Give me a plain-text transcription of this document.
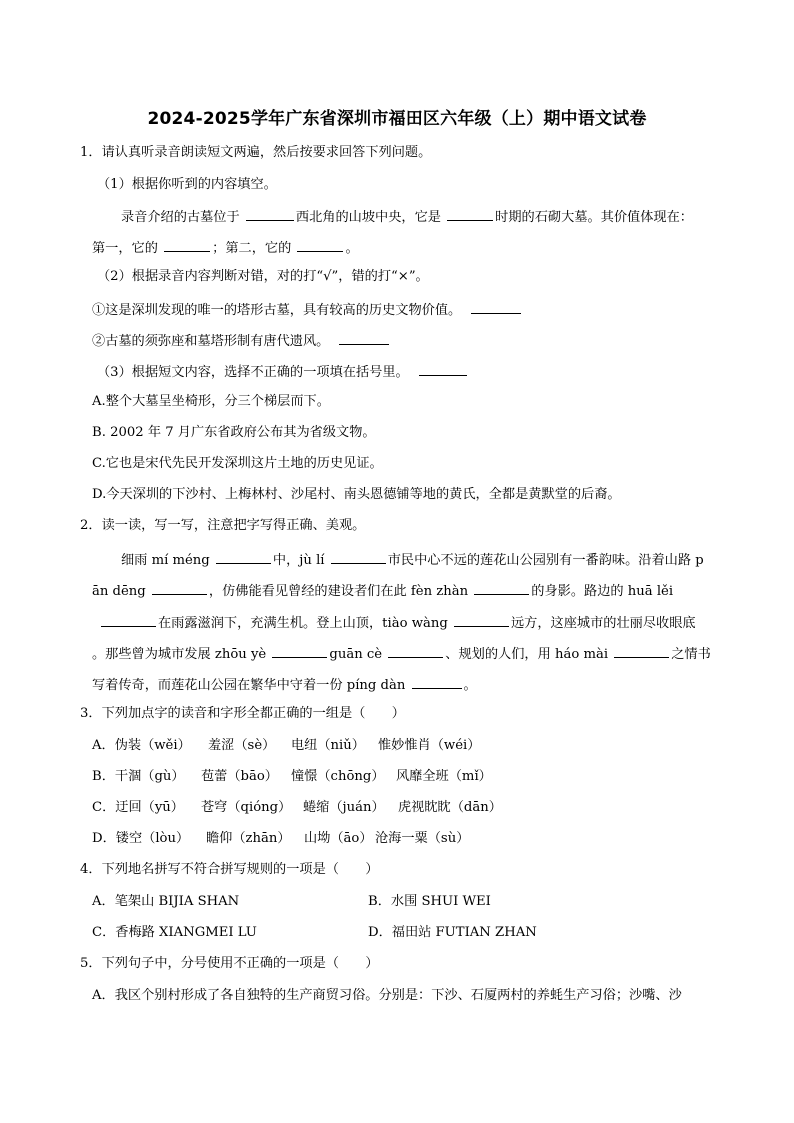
2024-2025学年广东省深圳市福田区六年级（上）期中语文试卷
1．请认真听录音朗读短文两遍，然后按要求回答下列问题。
（1）根据你听到的内容填空。
录音介绍的古墓位于	西北角的山坡中央，它是	时期的石砌大墓。其价值体现在：
第一，它的	；第二，它的	。
（2）根据录音内容判断对错，对的打“√”，错的打“×”。
①这是深圳发现的唯一的塔形古墓，具有较高的历史文物价值。
②古墓的须弥座和墓塔形制有唐代遗风。
（3）根据短文内容，选择不正确的一项填在括号里。
A.整个大墓呈坐椅形，分三个梯层而下。
B. 2002 年 7 月广东省政府公布其为省级文物。
C.它也是宋代先民开发深圳这片土地的历史见证。
D.今天深圳的下沙村、上梅林村、沙尾村、南头恩德铺等地的黄氏，全都是黄默堂的后裔。
2．读一读，写一写，注意把字写得正确、美观。
细雨 mí méng	中，jù lí	市民中心不远的莲花山公园别有一番韵味。沿着山路 p
ān dēng	，仿佛能看见曾经的建设者们在此 fèn zhàn	的身影。路边的 huā lěi
在雨露滋润下，充满生机。登上山顶，tiào wàng	远方，这座城市的壮丽尽收眼底
。那些曾为城市发展 zhōu yè	guān cè	、规划的人们，用 háo mài	之情书
写着传奇，而莲花山公园在繁华中守着一份 píng dàn	。
3．下列加点字的读音和字形全都正确的一组是（　　）
A．伪装（wěi） 羞涩（sè） 电纽（niǔ） 惟妙惟肖（wéi）
B．干涸（gù） 苞蕾（bāo） 憧憬（chōng） 风靡全班（mǐ）
C．迂回（yū） 苍穹（qióng） 蜷缩（juán） 虎视眈眈（dān）
D．镂空（lòu） 瞻仰（zhān） 山坳（āo） 沧海一粟（sù）
4．下列地名拼写不符合拼写规则的一项是（　　）
A．笔架山 BIJIA SHAN	B．水围 SHUI WEI
C．香梅路 XIANGMEI LU	D．福田站 FUTIAN ZHAN
5．下列句子中，分号使用不正确的一项是（　　）
A．我区个别村形成了各自独特的生产商贸习俗。分别是：下沙、石厦两村的养蚝生产习俗；沙嘴、沙
